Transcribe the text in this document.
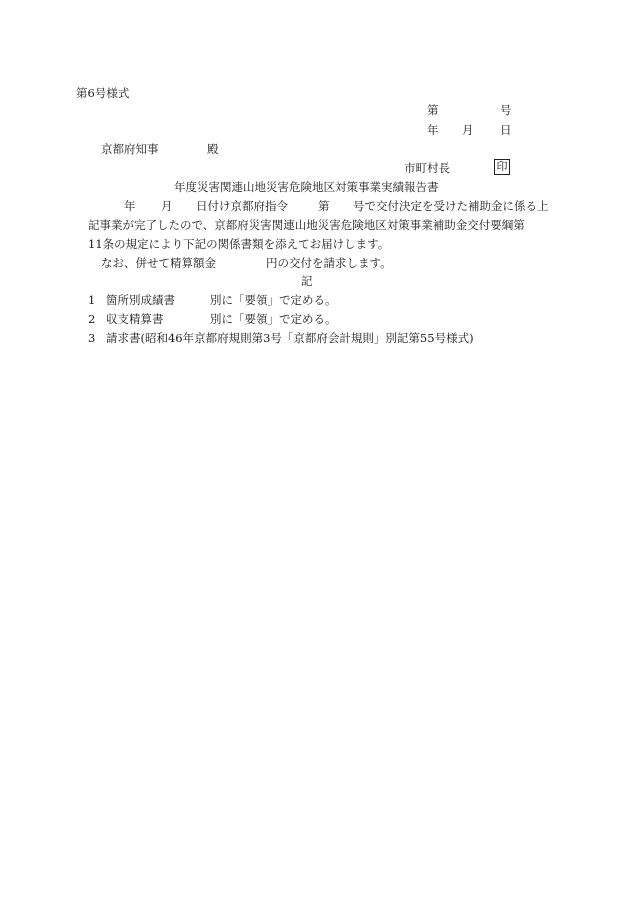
第6号様式
第	号
年 月 日
京都府知事	殿
市町村長	印
年度災害関連山地災害危険地区対策事業実績報告書
年 月 日付け京都府指令	第 号で交付決定を受けた補助金に係る上
記事業が完了したので、京都府災害関連山地災害危険地区対策事業補助金交付要綱第
11条の規定により下記の関係書類を添えてお届けします。
なお、併せて精算額金	円の交付を請求します。
記
1 箇所別成績書	別に「要領」で定める。
2 収支精算書	別に「要領」で定める。
3 請求書(昭和46年京都府規則第3号「京都府会計規則」別記第55号様式)
